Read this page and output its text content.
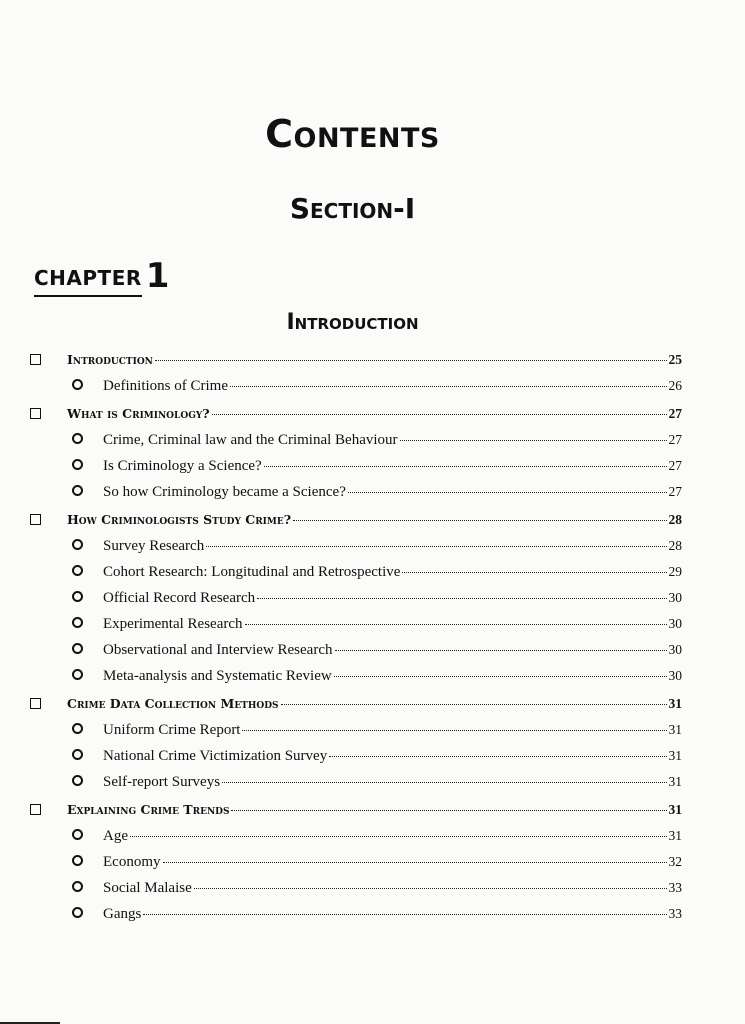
Contents
Section-I
CHAPTER 1
Introduction
Introduction	25
Definitions of Crime	26
What is Criminology?	27
Crime, Criminal law and the Criminal Behaviour	27
Is Criminology a Science?	27
So how Criminology became a Science?	27
How Criminologists Study Crime?	28
Survey Research	28
Cohort Research: Longitudinal and Retrospective	29
Official Record Research	30
Experimental Research	30
Observational and Interview Research	30
Meta-analysis and Systematic Review	30
Crime Data Collection Methods	31
Uniform Crime Report	31
National Crime Victimization Survey	31
Self-report Surveys	31
Explaining Crime Trends	31
Age	31
Economy	32
Social Malaise	33
Gangs	33
